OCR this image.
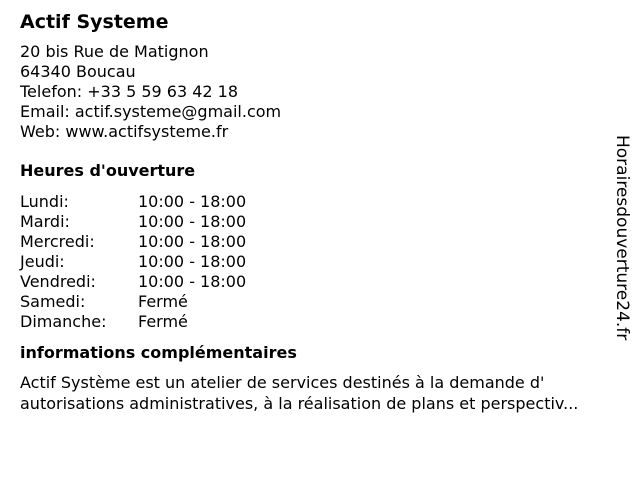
Actif Systeme
20 bis Rue de Matignon
64340 Boucau
Telefon: +33 5 59 63 42 18
Email: actif.systeme@gmail.com
Web: www.actifsysteme.fr
Heures d'ouverture
Lundi:	10:00 - 18:00
Mardi:	10:00 - 18:00
Mercredi:	10:00 - 18:00
Jeudi:	10:00 - 18:00
Vendredi:	10:00 - 18:00
Samedi:	Fermé
Dimanche:	Fermé
informations complémentaires
Actif Système est un atelier de services destinés à la demande d'
autorisations administratives, à la réalisation de plans et perspectiv...
Horairesdouverture24.fr
